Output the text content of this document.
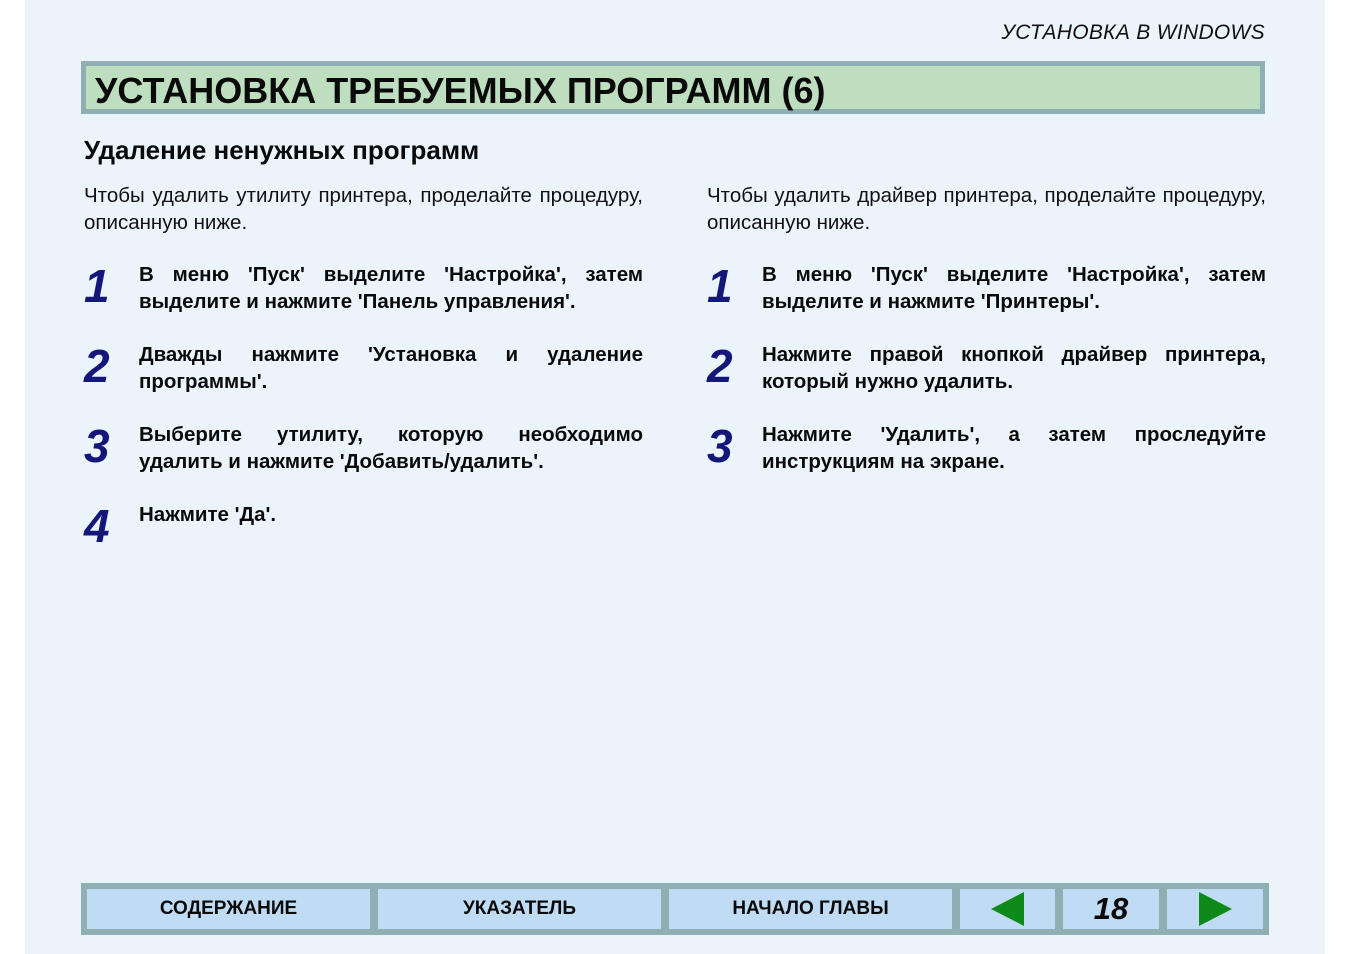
УСТАНОВКА В WINDOWS
УСТАНОВКА ТРЕБУЕМЫХ ПРОГРАММ (6)
Удаление ненужных программ

Чтобы удалить утилиту принтера, проделайте процедуру, описанную ниже.

1 В меню 'Пуск' выделите 'Настройка', затем выделите и нажмите 'Панель управления'.
2 Дважды нажмите 'Установка и удаление программы'.
3 Выберите утилиту, которую необходимо удалить и нажмите 'Добавить/удалить'.
4 Нажмите 'Да'.

Чтобы удалить драйвер принтера, проделайте процедуру, описанную ниже.

1 В меню 'Пуск' выделите 'Настройка', затем выделите и нажмите 'Принтеры'.
2 Нажмите правой кнопкой драйвер принтера, который нужно удалить.
3 Нажмите 'Удалить', а затем проследуйте инструкциям на экране.
СОДЕРЖАНИЕ	УКАЗАТЕЛЬ	НАЧАЛО ГЛАВЫ	18
